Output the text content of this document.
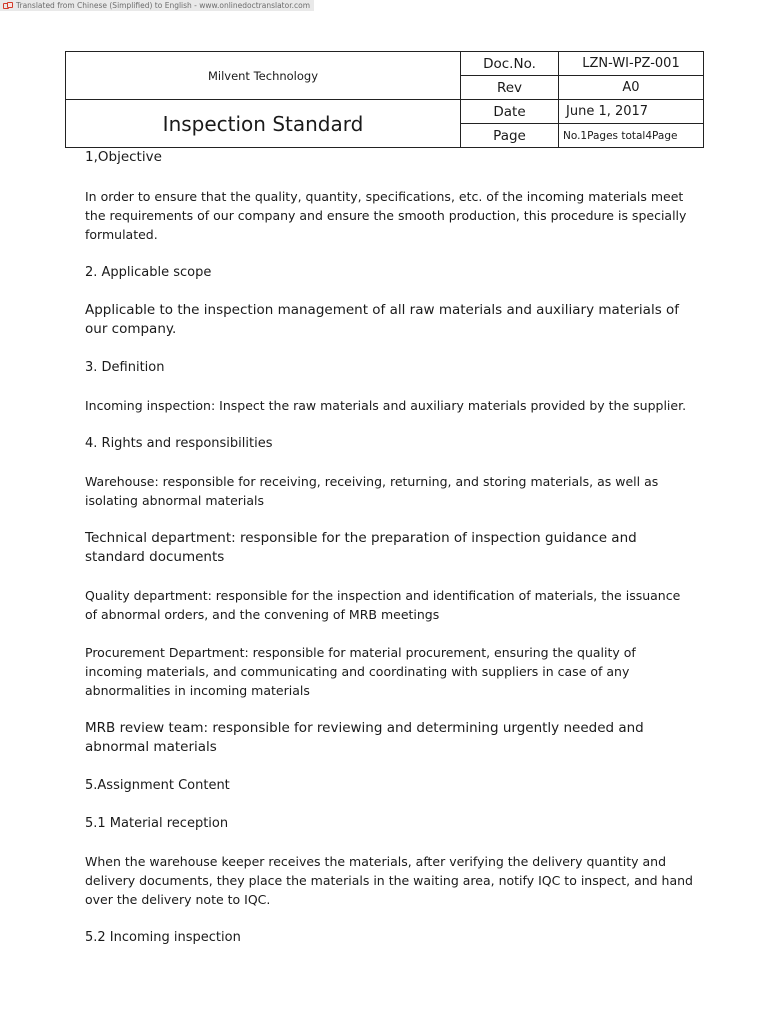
Translated from Chinese (Simplified) to English - www.onlinedoctranslator.com
Milvent Technology	Doc.No.	LZN-WI-PZ-001
	Rev	A0
Inspection Standard	Date	June 1, 2017
	Page	No.1Pages total4Page

1,Objective

In order to ensure that the quality, quantity, specifications, etc. of the incoming materials meet the requirements of our company and ensure the smooth production, this procedure is specially formulated.

2. Applicable scope

Applicable to the inspection management of all raw materials and auxiliary materials of our company.

3. Definition

Incoming inspection: Inspect the raw materials and auxiliary materials provided by the supplier.

4. Rights and responsibilities

Warehouse: responsible for receiving, receiving, returning, and storing materials, as well as isolating abnormal materials

Technical department: responsible for the preparation of inspection guidance and standard documents

Quality department: responsible for the inspection and identification of materials, the issuance of abnormal orders, and the convening of MRB meetings

Procurement Department: responsible for material procurement, ensuring the quality of incoming materials, and communicating and coordinating with suppliers in case of any abnormalities in incoming materials

MRB review team: responsible for reviewing and determining urgently needed and abnormal materials

5.Assignment Content

5.1 Material reception

When the warehouse keeper receives the materials, after verifying the delivery quantity and delivery documents, they place the materials in the waiting area, notify IQC to inspect, and hand over the delivery note to IQC.

5.2 Incoming inspection
